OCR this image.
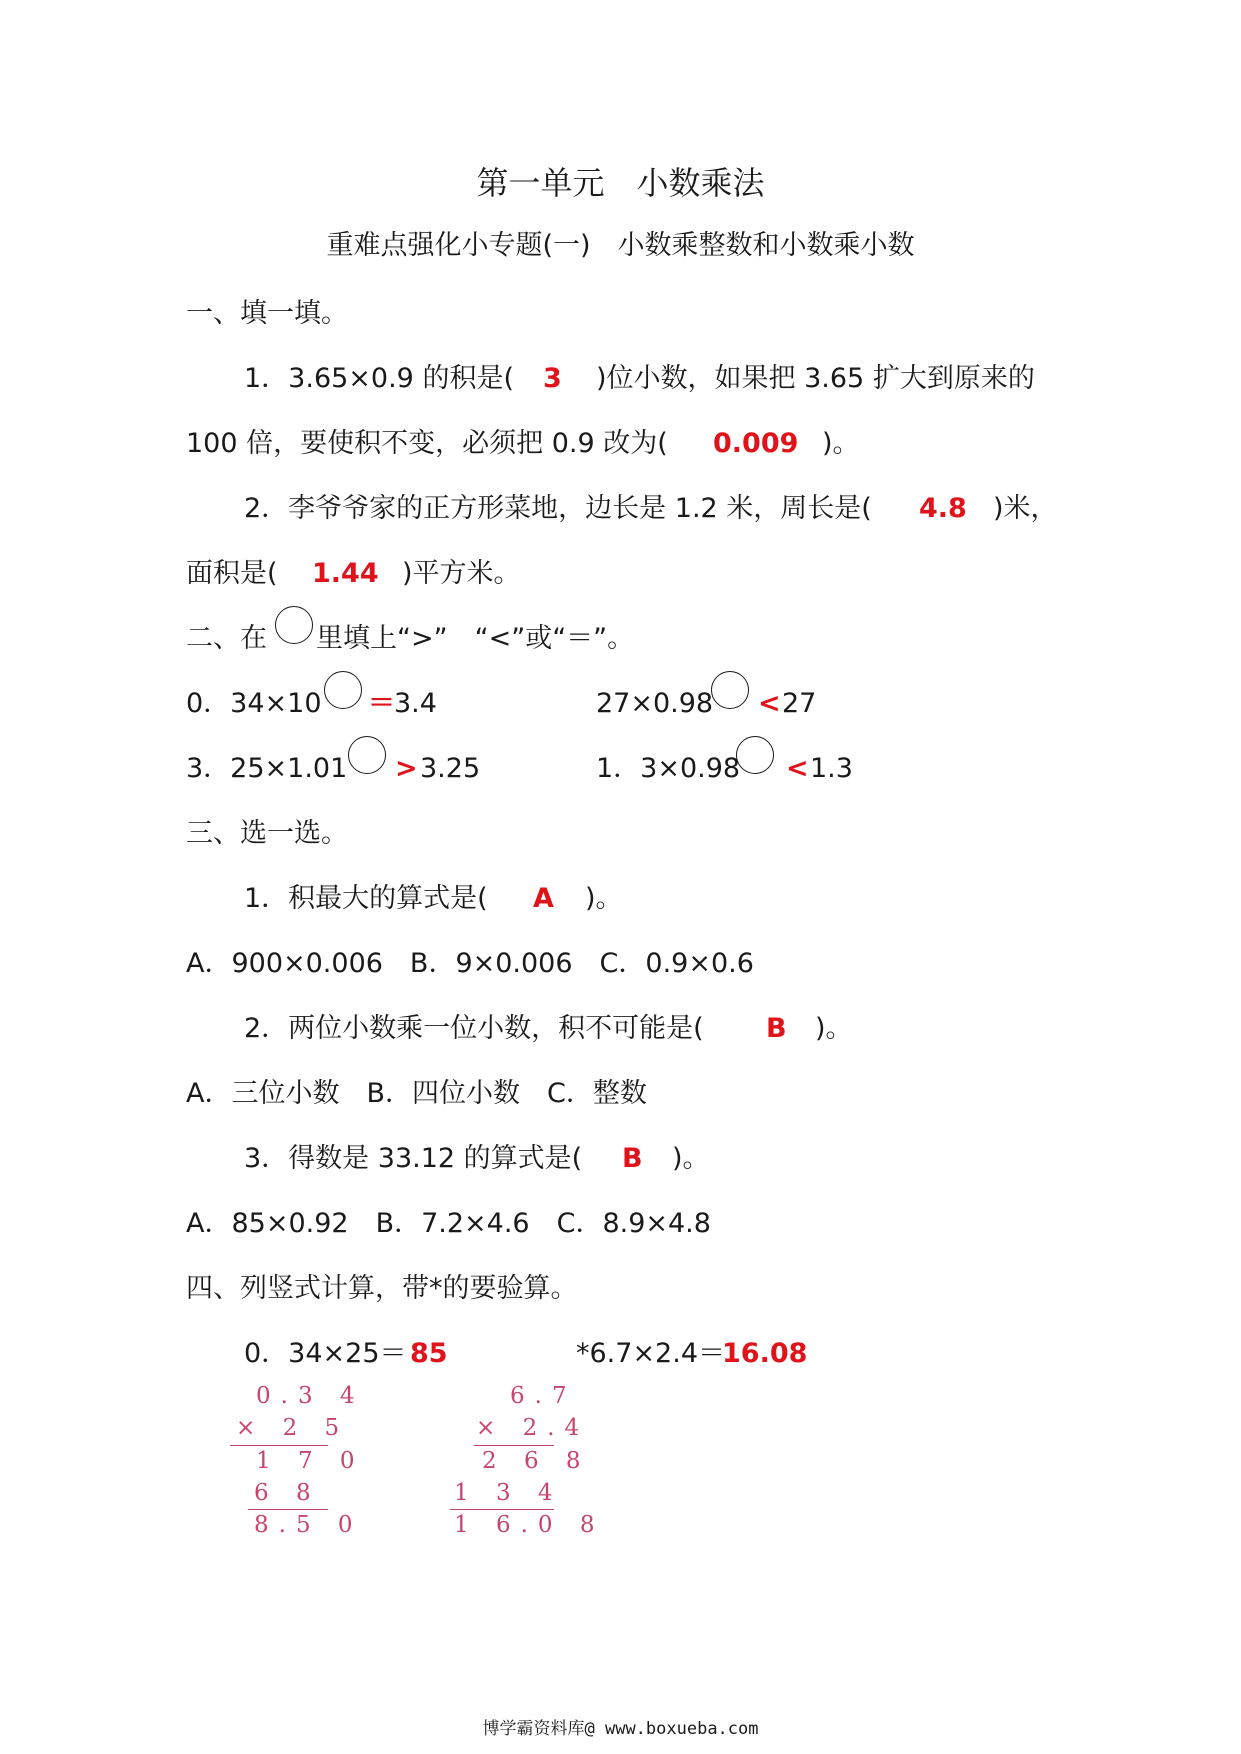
第一单元　小数乘法
重难点强化小专题(一)　小数乘整数和小数乘小数
一、填一填。
1．3.65×0.9 的积是( 3 )位小数，如果把 3.65 扩大到原来的
100 倍，要使积不变，必须把 0.9 改为( 0.009 )。
2．李爷爷家的正方形菜地，边长是 1.2 米，周长是( 4.8 )米，
面积是( 1.44 )平方米。
二、在 里填上“>”　“<”或“＝”。
0．34×10 ＝ 3.4	27×0.98 < 27
3．25×1.01 > 3.25	1．3×0.98 < 1.3
三、选一选。
1．积最大的算式是( A )。
A．900×0.006　B．9×0.006　C．0.9×0.6
2．两位小数乘一位小数，积不可能是( B )。
A．三位小数　B．四位小数　C．整数
3．得数是 33.12 的算式是( B )。
A．85×0.92　B．7.2×4.6　C．8.9×4.8
四、列竖式计算，带*的要验算。
0．34×25＝ 85	*6.7×2.4＝
16.08
0.3 4
× 2 5
1 7 0
6 8
8.5 0
6.7
× 2.4
2 6 8
1 3 4
1 6.0 8
博学霸资料库@ www.boxueba.com
